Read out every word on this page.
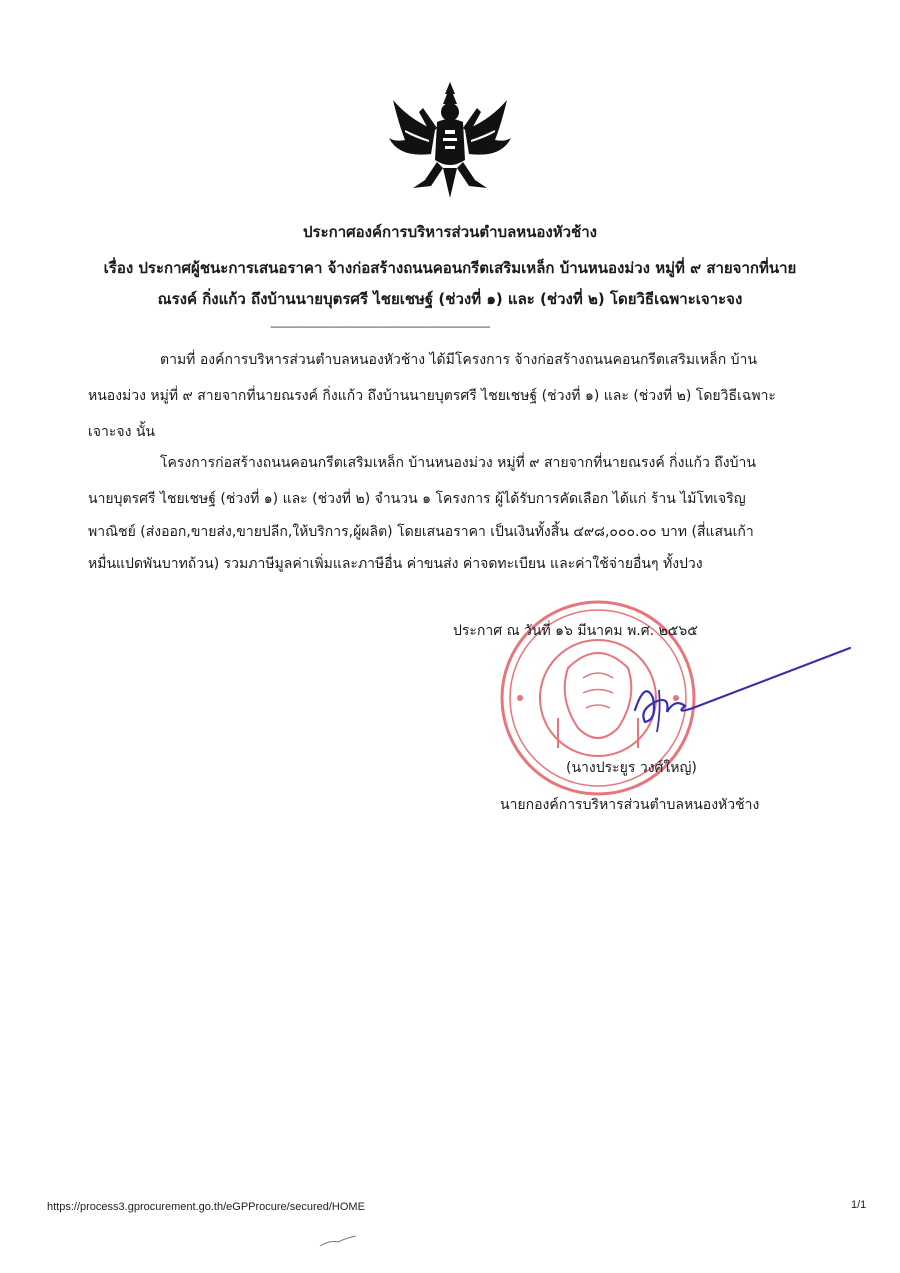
ประกาศองค์การบริหารส่วนตำบลหนองหัวช้าง
เรื่อง ประกาศผู้ชนะการเสนอราคา จ้างก่อสร้างถนนคอนกรีตเสริมเหล็ก บ้านหนองม่วง หมู่ที่ ๙ สายจากที่นาย
ณรงค์ กิ่งแก้ว ถึงบ้านนายบุตรศรี ไชยเชษฐ์ (ช่วงที่ ๑) และ (ช่วงที่ ๒) โดยวิธีเฉพาะเจาะจง
--------------------------------------------------------------------------
ตามที่ องค์การบริหารส่วนตำบลหนองหัวช้าง ได้มีโครงการ จ้างก่อสร้างถนนคอนกรีตเสริมเหล็ก บ้าน
หนองม่วง หมู่ที่ ๙ สายจากที่นายณรงค์ กิ่งแก้ว ถึงบ้านนายบุตรศรี ไชยเชษฐ์ (ช่วงที่ ๑) และ (ช่วงที่ ๒) โดยวิธีเฉพาะ
เจาะจง นั้น
โครงการก่อสร้างถนนคอนกรีตเสริมเหล็ก บ้านหนองม่วง หมู่ที่ ๙ สายจากที่นายณรงค์ กิ่งแก้ว ถึงบ้าน
นายบุตรศรี ไชยเชษฐ์ (ช่วงที่ ๑) และ (ช่วงที่ ๒) จำนวน ๑ โครงการ ผู้ได้รับการคัดเลือก ได้แก่ ร้าน ไม้โทเจริญ
พาณิชย์ (ส่งออก,ขายส่ง,ขายปลีก,ให้บริการ,ผู้ผลิต) โดยเสนอราคา เป็นเงินทั้งสิ้น ๔๙๘,๐๐๐.๐๐ บาท (สี่แสนเก้า
หมื่นแปดพันบาทถ้วน) รวมภาษีมูลค่าเพิ่มและภาษีอื่น ค่าขนส่ง ค่าจดทะเบียน และค่าใช้จ่ายอื่นๆ ทั้งปวง
ประกาศ ณ วันที่ ๑๖ มีนาคม พ.ศ. ๒๕๖๕
(นางประยูร วงศ์ใหญ่)
นายกองค์การบริหารส่วนตำบลหนองหัวช้าง
https://process3.gprocurement.go.th/eGPProcure/secured/HOME	1/1
